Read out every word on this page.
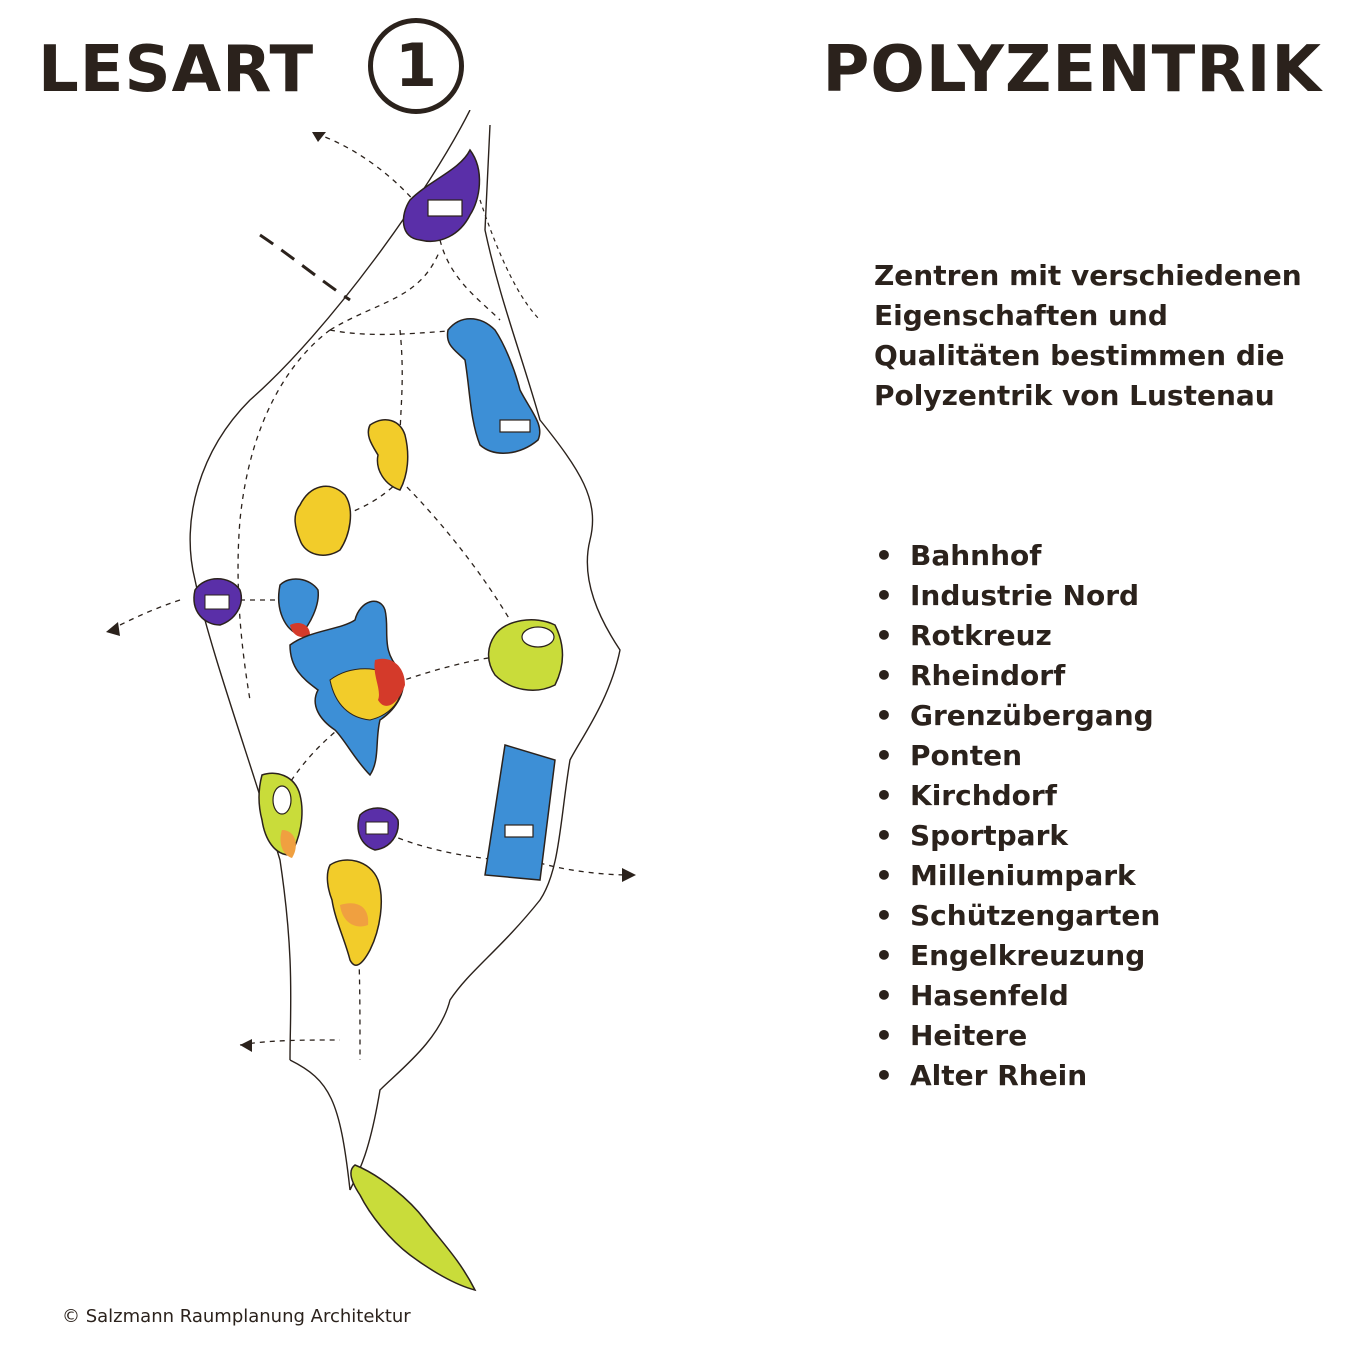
LESART 1	POLYZENTRIK
Zentren mit verschiedenen
Eigenschaften und
Qualitäten bestimmen die
Polyzentrik von Lustenau
• Bahnhof
• Industrie Nord
• Rotkreuz
• Rheindorf
• Grenzübergang
• Ponten
• Kirchdorf
• Sportpark
• Milleniumpark
• Schützengarten
• Engelkreuzung
• Hasenfeld
• Heitere
• Alter Rhein
© Salzmann Raumplanung Architektur
